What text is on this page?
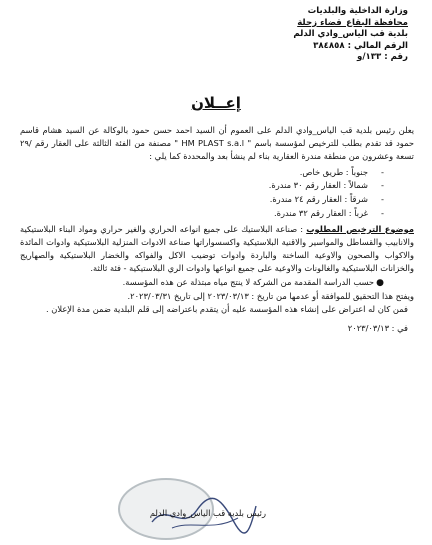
وزارة الداخلية والبلديات
محافظة البقاع_قضاء زحلة
بلدية قب الياس_وادي الدلم
الرقم المالي : ٣٨٤٨٥٨
رقم : ١٣٣/و
إعــلان

يعلن رئيس بلدية قب الياس_وادي الدلم على العموم أن السيد احمد حسن حمود بالوكالة عن السيد هشام قاسم حمود قد تقدم بطلب للترخيص لمؤسسة باسم " HM PLAST s.a.l " مصنفة من الفئة الثالثة على العقار رقم /٢٩ تسعة وعشرون من منطقة مندرة العقارية بناء لم ينشأ بعد والمحددة كما يلي :

-جنوباً : طريق خاص.
-شمالاً : العقار رقم ٣٠ مندرة.
-شرقاً : العقار رقم ٢٤ مندرة.
-غرباً : العقار رقم ٣٢ مندرة.

موضوع الترخيص المطلوب : صناعة البلاستيك على جميع انواعه الحراري والغير حراري ومواد البناء البلاستيكية والانابيب والقساطل والمواسير والاقنية البلاستيكية واكسسواراتها صناعة الادوات المنزلية البلاستيكية وادوات المائدة والاكواب والصحون والاوعية الساخنة والباردة وادوات توضيب الاكل والفواكه والخضار البلاستيكية والصهاريج والخزانات البلاستيكية والغالونات والاوعية على جميع انواعها وادوات الري البلاستيكية - فئة ثالثة.

●حسب الدراسة المقدمة من الشركة لا ينتج مياه مبتذلة عن هذه المؤسسة.

ويفتح هذا التحقيق للموافقة أو عدمها من تاريخ : ٢٠٢٣/٠٣/١٣ إلى تاريخ ٢٠٢٣/٠٣/٣١.

فمن كان له اعتراض على إنشاء هذه المؤسسة عليه أن يتقدم باعتراضه إلى قلم البلدية ضمن مدة الإعلان .

في : ٢٠٢٣/٠٣/١٣

رئيس بلدية قب الياس_وادي الدلم
